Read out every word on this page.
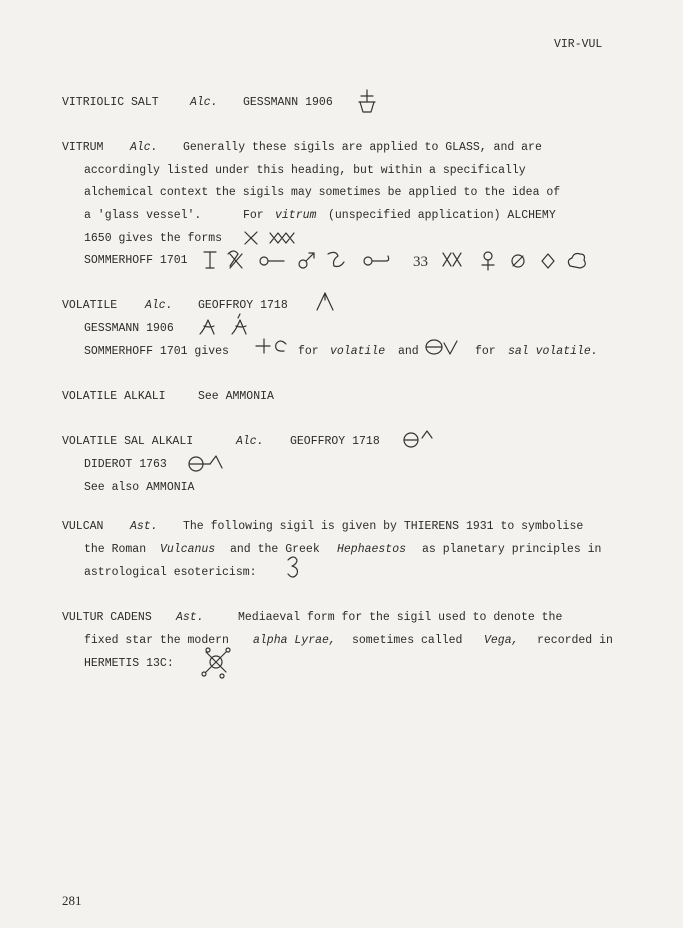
VIR-VUL
VITRIOLIC SALT	Alc. GESSMANN 1906
VITRUM Alc. Generally these sigils are applied to GLASS, and are
accordingly listed under this heading, but within a specifically
alchemical context the sigils may sometimes be applied to the idea of
a 'glass vessel'.	For vitrum (unspecified application) ALCHEMY
1650 gives the forms
SOMMERHOFF 1701	33
VOLATILE Alc. GEOFFROY 1718
GESSMANN 1906
SOMMERHOFF 1701 gives	for volatile and	for sal volatile.
VOLATILE ALKALI	See AMMONIA
VOLATILE SAL ALKALI	Alc. GEOFFROY 1718
DIDEROT 1763
See also AMMONIA
VULCAN Ast. The following sigil is given by THIERENS 1931 to symbolise
the Roman Vulcanus and the Greek Hephaestos as planetary principles in
astrological esotericism:
VULTUR CADENS Ast.	Mediaeval form for the sigil used to denote the
fixed star the modern alpha Lyrae, sometimes called Vega, recorded in
HERMETIS 13C:
281
